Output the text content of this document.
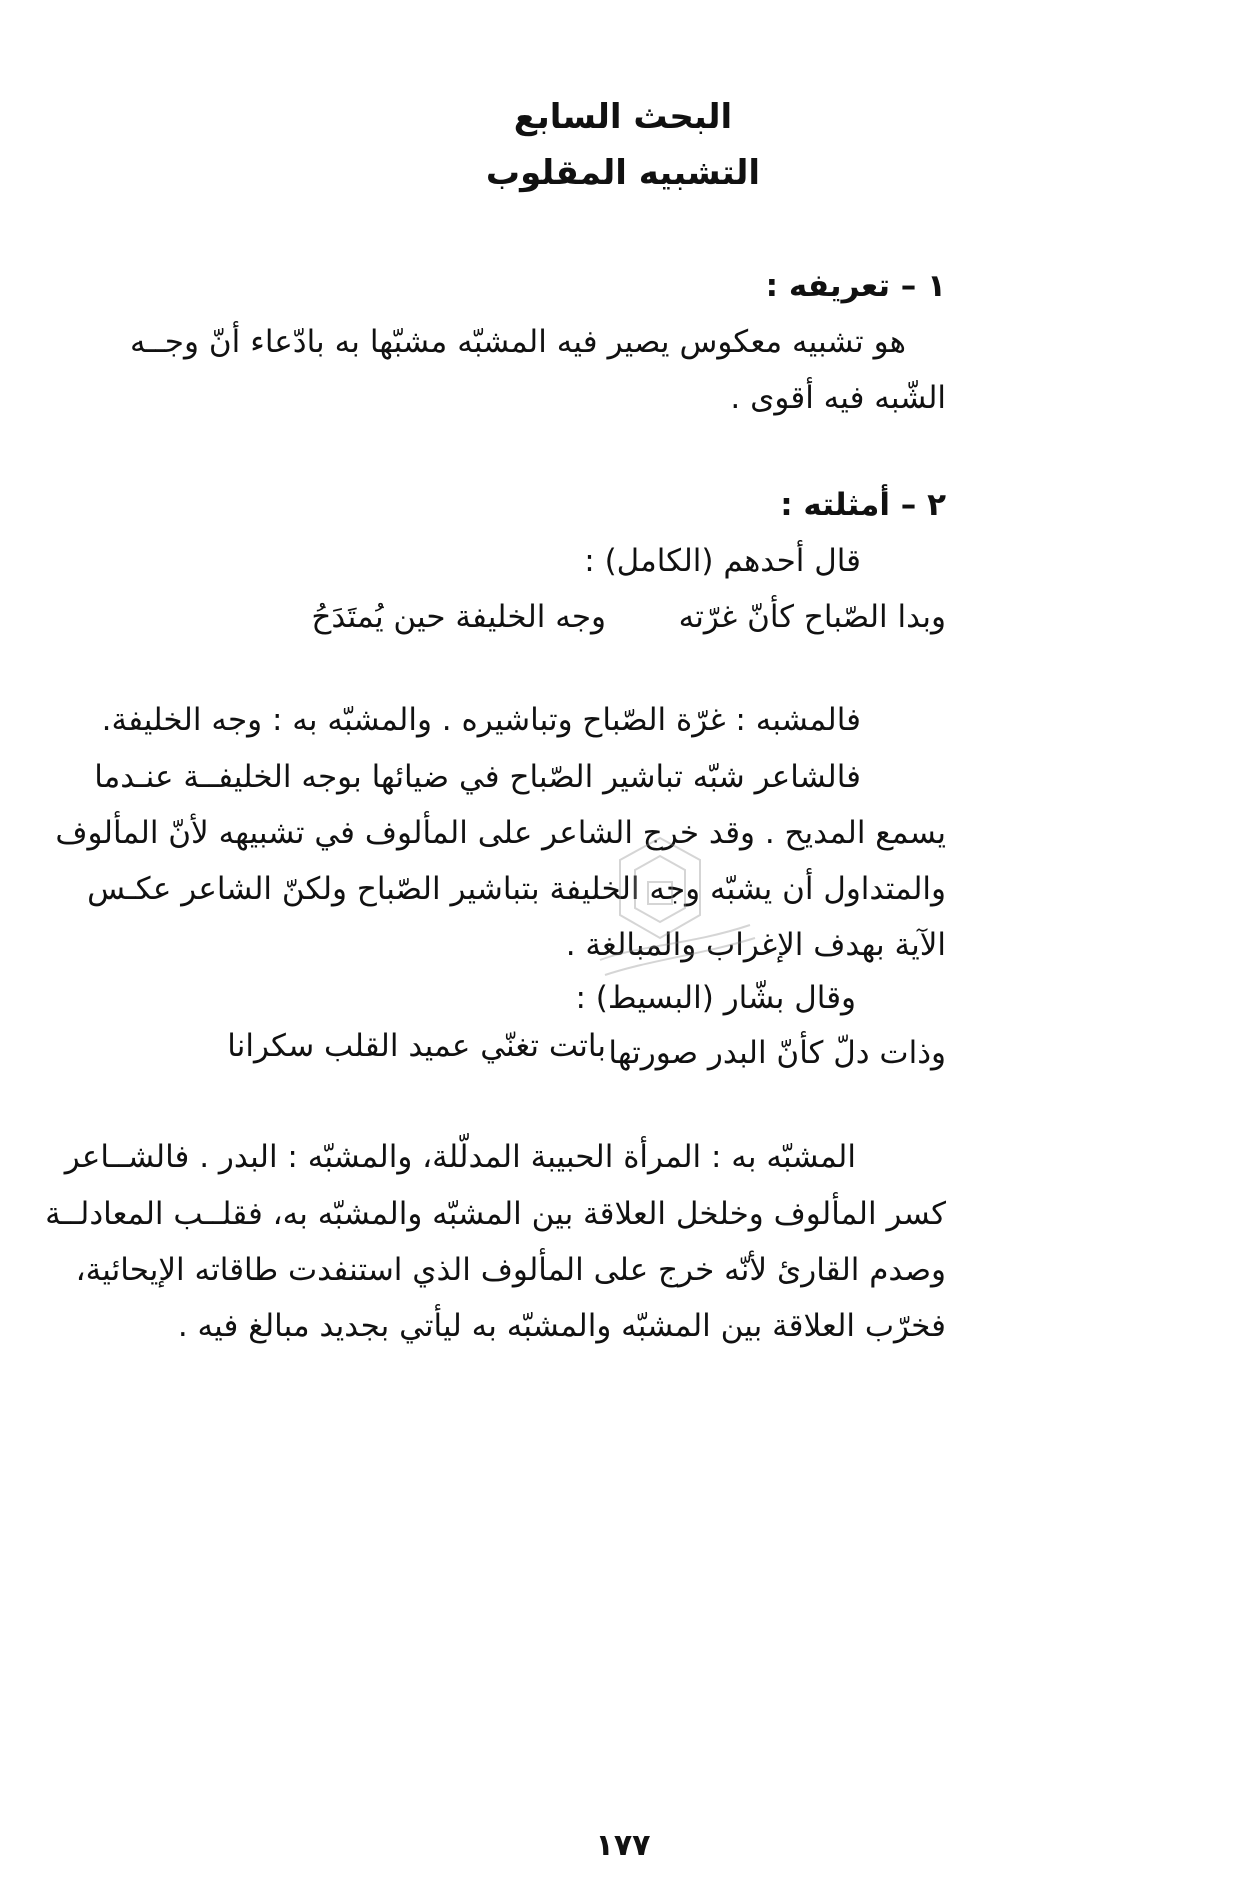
البحث السابع
التشبيه المقلوب
١ – تعريفه :
هو تشبيه معكوس يصير فيه المشبّه مشبّها به بادّعاء أنّ وجــه
الشّبه فيه أقوى .
٢ – أمثلته :
قال أحدهم (الكامل) :
وبدا الصّباح كأنّ غرّته
وجه الخليفة حين يُمتَدَحُ
فالمشبه : غرّة الصّباح وتباشيره . والمشبّه به : وجه الخليفة.
فالشاعر شبّه تباشير الصّباح في ضيائها بوجه الخليفــة عنـدما
يسمع المديح . وقد خرج الشاعر على المألوف في تشبيهه لأنّ المألوف
والمتداول أن يشبّه وجه الخليفة بتباشير الصّباح ولكنّ الشاعر عكـس
الآية بهدف الإغراب والمبالغة .
وقال بشّار (البسيط) :
وذات دلّ كأنّ البدر صورتها
باتت تغنّي عميد القلب سكرانا
المشبّه به : المرأة الحبيبة المدلّلة، والمشبّه : البدر . فالشــاعر
كسر المألوف وخلخل العلاقة بين المشبّه والمشبّه به، فقلــب المعادلــة
وصدم القارئ لأنّه خرج على المألوف الذي استنفدت طاقاته الإيحائية،
فخرّب العلاقة بين المشبّه والمشبّه به ليأتي بجديد مبالغ فيه .
١٧٧
